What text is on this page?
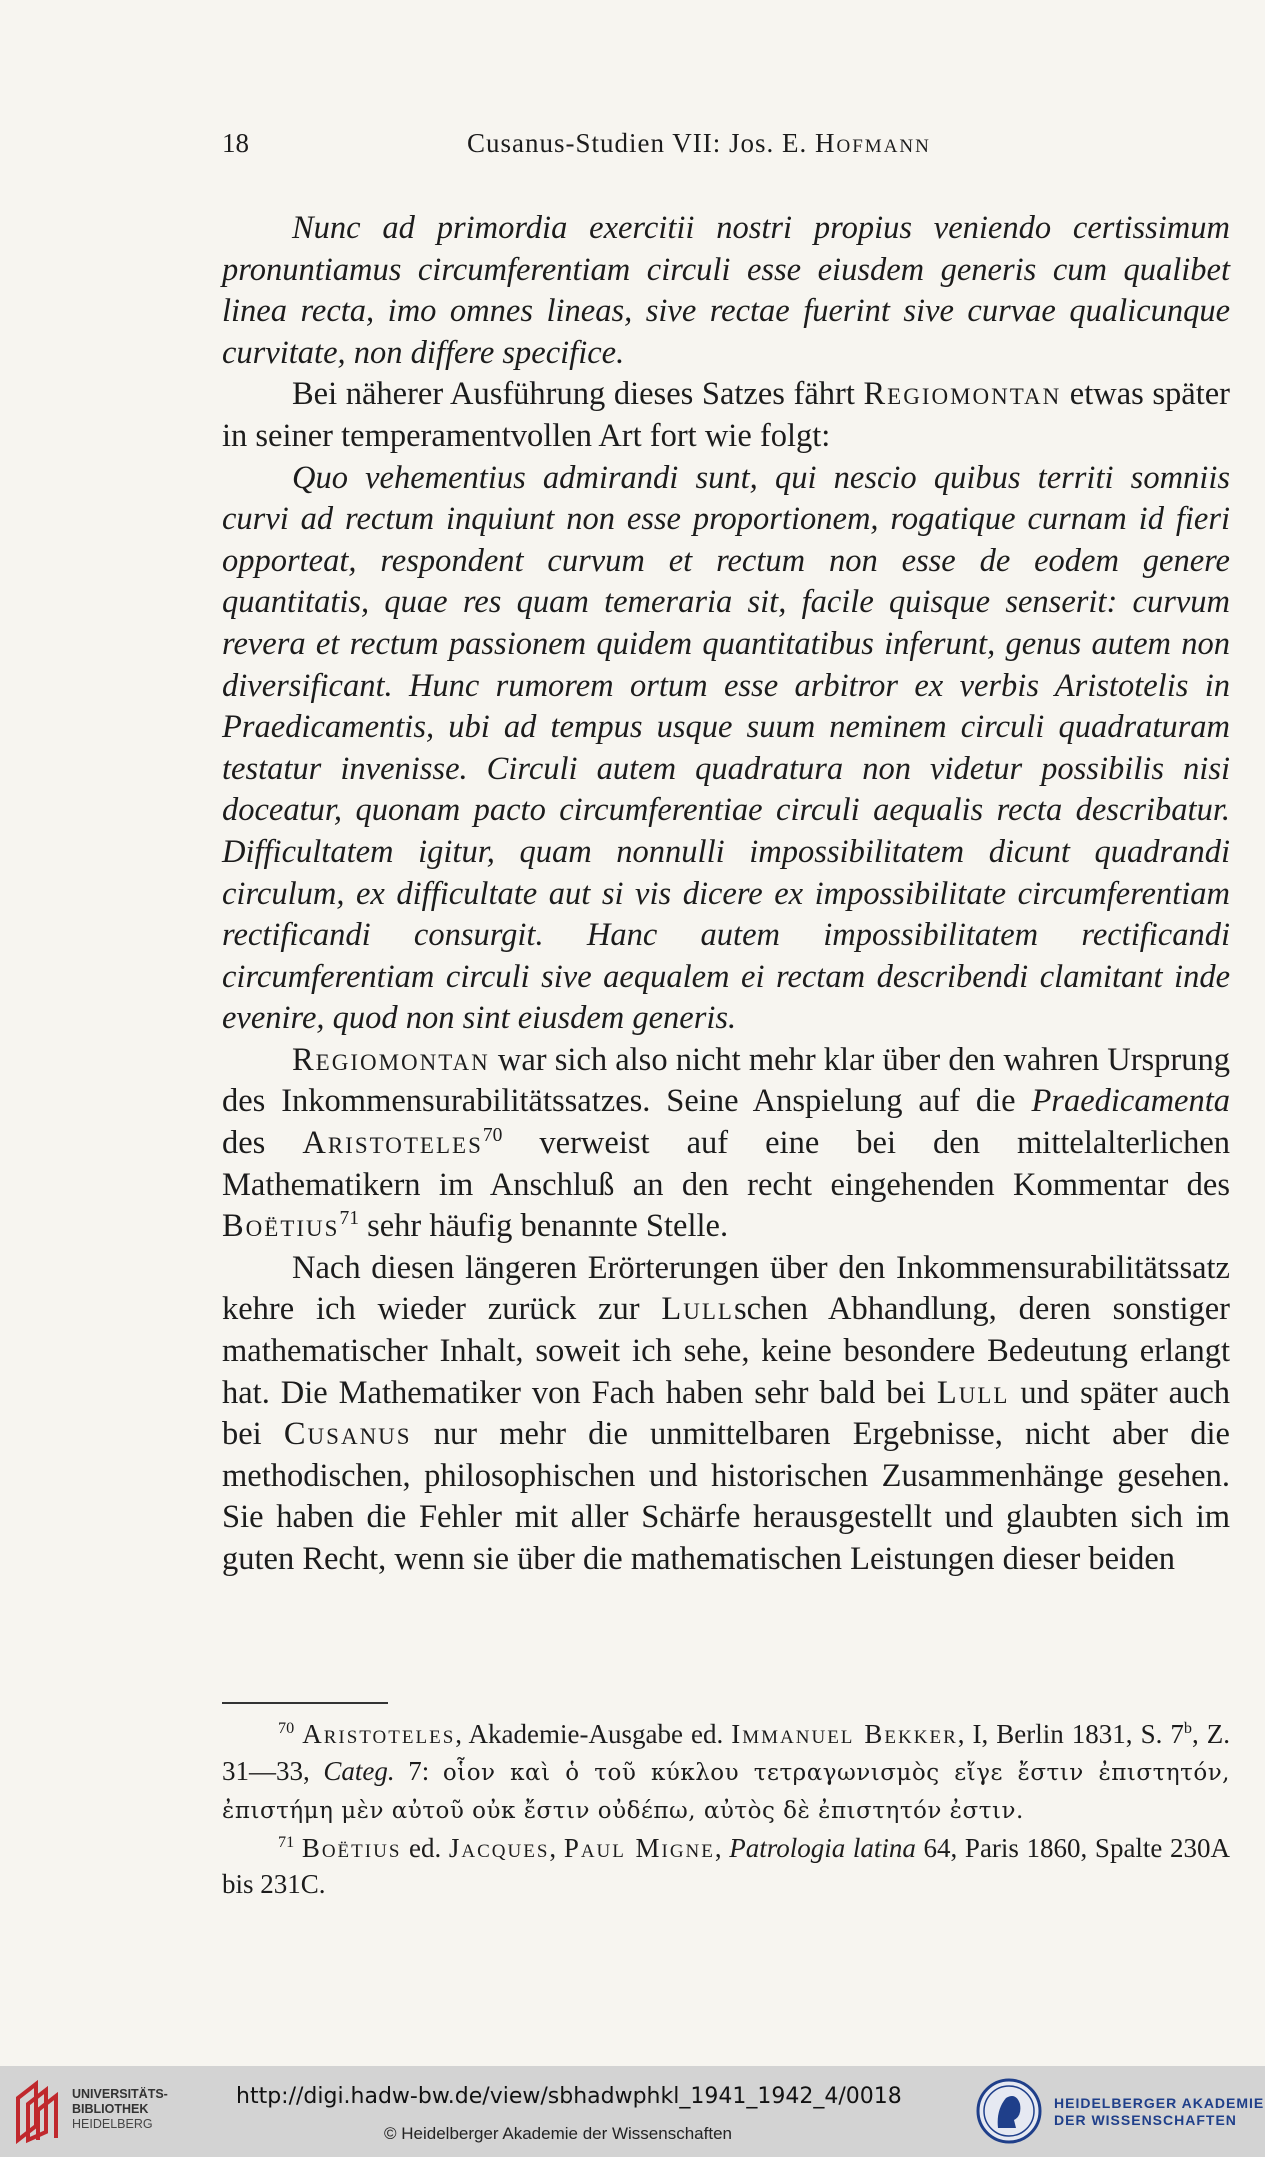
18	Cusanus-Studien VII: Jos. E. Hofmann

Nunc ad primordia exercitii nostri propius veniendo certissimum pronuntiamus circumferentiam circuli esse eiusdem generis cum qualibet linea recta, imo omnes lineas, sive rectae fuerint sive curvae qualicunque curvitate, non differe specifice.

Bei näherer Ausführung dieses Satzes fährt Regiomontan etwas später in seiner temperamentvollen Art fort wie folgt:

Quo vehementius admirandi sunt, qui nescio quibus territi somniis curvi ad rectum inquiunt non esse proportionem, rogatique curnam id fieri opporteat, respondent curvum et rectum non esse de eodem genere quantitatis, quae res quam temeraria sit, facile quisque senserit: curvum revera et rectum passionem quidem quantitatibus inferunt, genus autem non diversificant. Hunc rumorem ortum esse arbitror ex verbis Aristotelis in Praedicamentis, ubi ad tempus usque suum neminem circuli quadraturam testatur invenisse. Circuli autem quadratura non videtur possibilis nisi doceatur, quonam pacto circumferentiae circuli aequalis recta describatur. Difficultatem igitur, quam nonnulli impossibilitatem dicunt quadrandi circulum, ex difficultate aut si vis dicere ex impossibilitate circumferentiam rectificandi consurgit. Hanc autem impossibilitatem rectificandi circumferentiam circuli sive aequalem ei rectam describendi clamitant inde evenire, quod non sint eiusdem generis.

Regiomontan war sich also nicht mehr klar über den wahren Ursprung des Inkommensurabilitätssatzes. Seine Anspielung auf die Praedicamenta des Aristoteles$^{70}$ verweist auf eine bei den mittelalterlichen Mathematikern im Anschluß an den recht eingehenden Kommentar des Boëtius$^{71}$ sehr häufig benannte Stelle.

Nach diesen längeren Erörterungen über den Inkommensurabilitätssatz kehre ich wieder zurück zur Lullschen Abhandlung, deren sonstiger mathematischer Inhalt, soweit ich sehe, keine besondere Bedeutung erlangt hat. Die Mathematiker von Fach haben sehr bald bei Lull und später auch bei Cusanus nur mehr die unmittelbaren Ergebnisse, nicht aber die methodischen, philosophischen und historischen Zusammenhänge gesehen. Sie haben die Fehler mit aller Schärfe herausgestellt und glaubten sich im guten Recht, wenn sie über die mathematischen Leistungen dieser beiden

$^{70}$ Aristoteles, Akademie-Ausgabe ed. Immanuel Bekker, I, Berlin 1831, S. 7$^b$, Z. 31—33, Categ. 7: οἷον καὶ ὁ τοῦ κύκλου τετραγωνισμὸς εἴγε ἔστιν ἐπιστητόν, ἐπιστήμη μὲν αὐτοῦ οὐκ ἔστιν οὐδέπω, αὐτὸς δὲ ἐπιστητόν ἐστιν.

$^{71}$ Boëtius ed. Jacques, Paul Migne, Patrologia latina 64, Paris 1860, Spalte 230A bis 231C.

UNIVERSITÄTS-
BIBLIOTHEK
HEIDELBERG
http://digi.hadw-bw.de/view/sbhadwphkl_1941_1942_4/0018
© Heidelberger Akademie der Wissenschaften
HEIDELBERGER AKADEMIE
DER WISSENSCHAFTEN
